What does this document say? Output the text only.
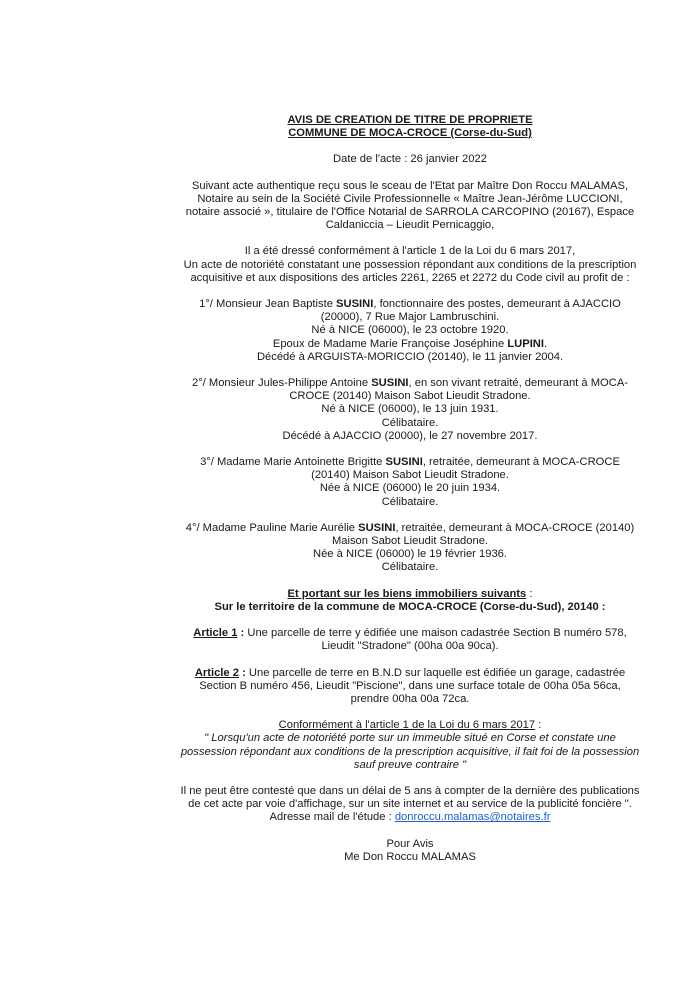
AVIS DE CREATION DE TITRE DE PROPRIETE

COMMUNE DE MOCA-CROCE (Corse-du-Sud)

Date de l'acte : 26 janvier 2022

Suivant acte authentique reçu sous le sceau de l'Etat par Maître Don Roccu MALAMAS,

Notaire au sein de la Société Civile Professionnelle « Maître Jean-Jérôme LUCCIONI,

notaire associé », titulaire de l'Office Notarial de SARROLA CARCOPINO (20167), Espace

Caldaniccia – Lieudit Pernicaggio,

Il a été dressé conformément à l'article 1 de la Loi du 6 mars 2017,

Un acte de notoriété constatant une possession répondant aux conditions de la prescription

acquisitive et aux dispositions des articles 2261, 2265 et 2272 du Code civil au profit de :

1°/ Monsieur Jean Baptiste SUSINI, fonctionnaire des postes, demeurant à AJACCIO

(20000), 7 Rue Major Lambruschini.

Né à NICE (06000), le 23 octobre 1920.

Epoux de Madame Marie Françoise Joséphine LUPINI.

Décédé à ARGUISTA-MORICCIO (20140), le 11 janvier 2004.

2°/ Monsieur Jules-Philippe Antoine SUSINI, en son vivant retraité, demeurant à MOCA-

CROCE (20140) Maison Sabot Lieudit Stradone.

Né à NICE (06000), le 13 juin 1931.

Célibataire.

Décédé à AJACCIO (20000), le 27 novembre 2017.

3°/ Madame Marie Antoinette Brigitte SUSINI, retraitée, demeurant à MOCA-CROCE

(20140) Maison Sabot Lieudit Stradone.

Née à NICE (06000) le 20 juin 1934.

Célibataire.

4°/ Madame Pauline Marie Aurélie SUSINI, retraitée, demeurant à MOCA-CROCE (20140)

Maison Sabot Lieudit Stradone.

Née à NICE (06000) le 19 février 1936.

Célibataire.

Et portant sur les biens immobiliers suivants :

Sur le territoire de la commune de MOCA-CROCE (Corse-du-Sud), 20140 :

Article 1 : Une parcelle de terre y édifiée une maison cadastrée Section B numéro 578,

Lieudit "Stradone" (00ha 00a 90ca).

Article 2 : Une parcelle de terre en B.N.D sur laquelle est édifiée un garage, cadastrée

Section B numéro 456, Lieudit "Piscione", dans une surface totale de 00ha 05a 56ca,

prendre 00ha 00a 72ca.

Conformément à l'article 1 de la Loi du 6 mars 2017 :

" Lorsqu'un acte de notoriété porte sur un immeuble situé en Corse et constate une

possession répondant aux conditions de la prescription acquisitive, il fait foi de la possession

sauf preuve contraire "

Il ne peut être contesté que dans un délai de 5 ans à compter de la dernière des publications

de cet acte par voie d'affichage, sur un site internet et au service de la publicité foncière ".

Adresse mail de l'étude : donroccu.malamas@notaires.fr

Pour Avis

Me Don Roccu MALAMAS
